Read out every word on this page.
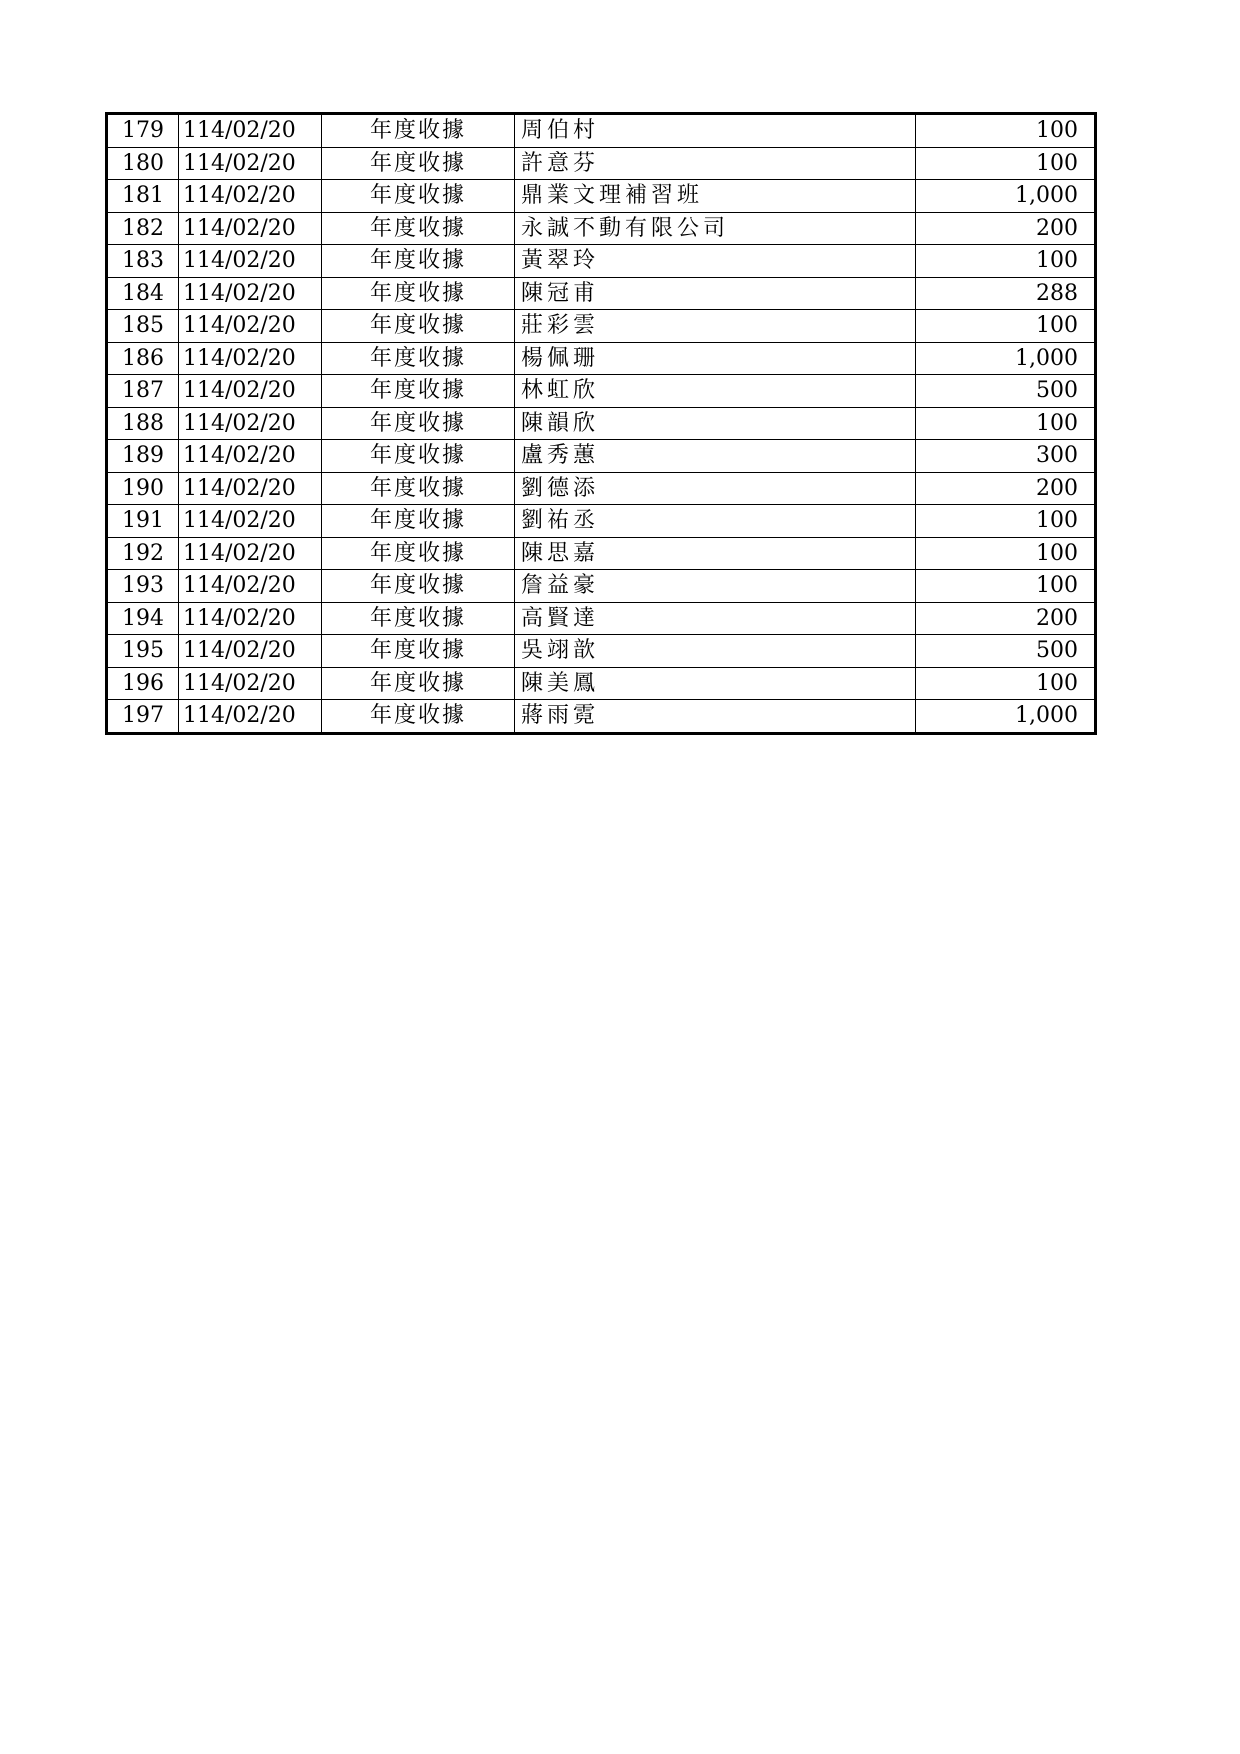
179	114/02/20	年度收據	周伯村	100
180	114/02/20	年度收據	許意芬	100
181	114/02/20	年度收據	鼎業文理補習班	1,000
182	114/02/20	年度收據	永誠不動有限公司	200
183	114/02/20	年度收據	黃翠玲	100
184	114/02/20	年度收據	陳冠甫	288
185	114/02/20	年度收據	莊彩雲	100
186	114/02/20	年度收據	楊佩珊	1,000
187	114/02/20	年度收據	林虹欣	500
188	114/02/20	年度收據	陳韻欣	100
189	114/02/20	年度收據	盧秀蕙	300
190	114/02/20	年度收據	劉德添	200
191	114/02/20	年度收據	劉祐丞	100
192	114/02/20	年度收據	陳思嘉	100
193	114/02/20	年度收據	詹益豪	100
194	114/02/20	年度收據	高賢達	200
195	114/02/20	年度收據	吳翊歆	500
196	114/02/20	年度收據	陳美鳳	100
197	114/02/20	年度收據	蔣雨霓	1,000
